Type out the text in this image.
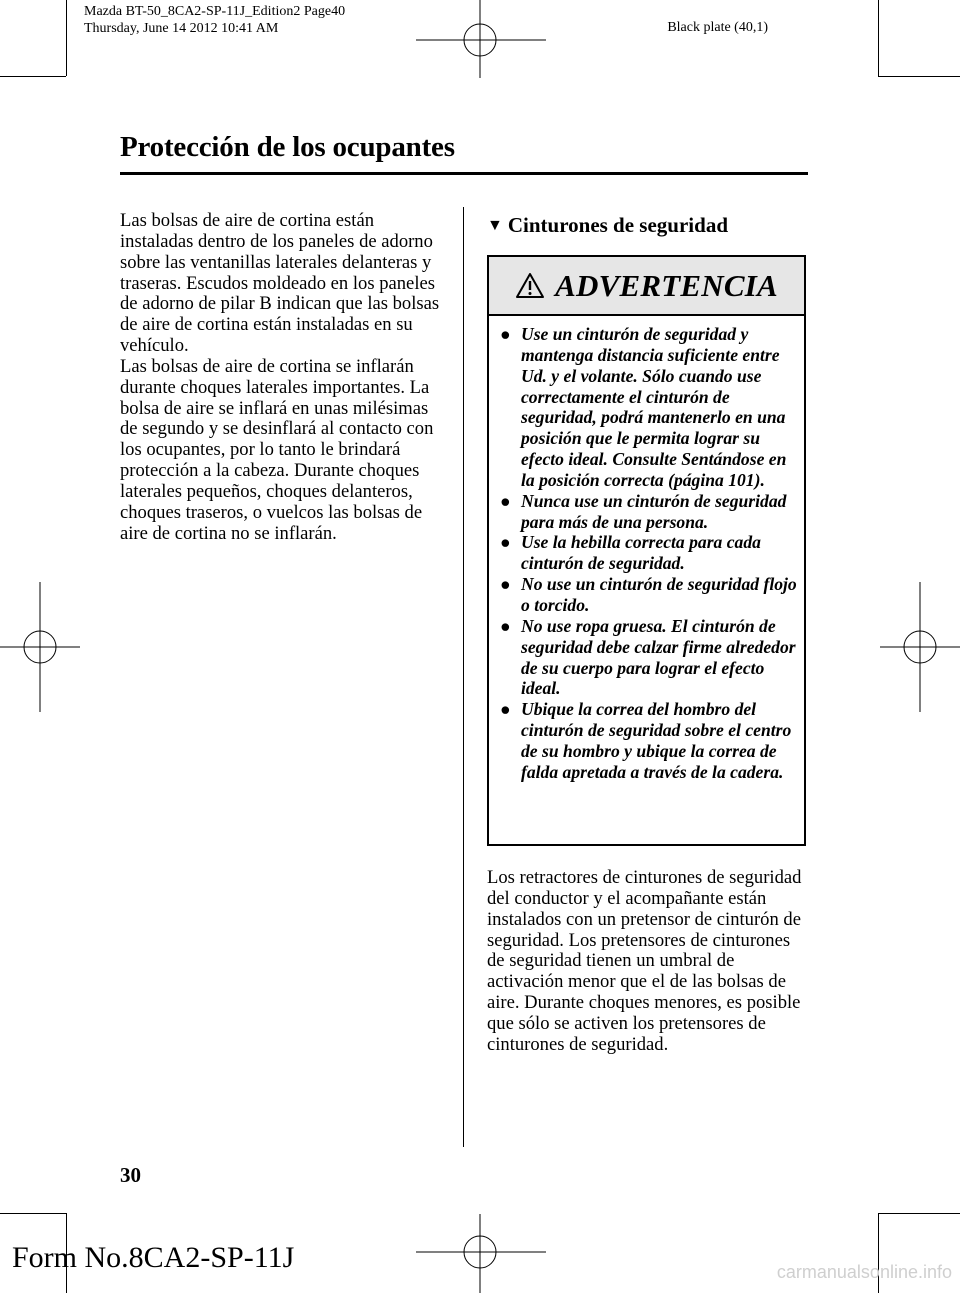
Mazda BT-50_8CA2-SP-11J_Edition2 Page40
Thursday, June 14 2012 10:41 AM	Black plate (40,1)
Protección de los ocupantes

Las bolsas de aire de cortina están instaladas dentro de los paneles de adorno sobre las ventanillas laterales delanteras y traseras. Escudos moldeado en los paneles de adorno de pilar B indican que las bolsas de aire de cortina están instaladas en su vehículo.

Las bolsas de aire de cortina se inflarán durante choques laterales importantes. La bolsa de aire se inflará en unas milésimas de segundo y se desinflará al contacto con los ocupantes, por lo tanto le brindará protección a la cabeza. Durante choques laterales pequeños, choques delanteros, choques traseros, o vuelcos las bolsas de aire de cortina no se inflarán.

▼ Cinturones de seguridad
ADVERTENCIA
● Use un cinturón de seguridad y mantenga distancia suficiente entre Ud. y el volante. Sólo cuando use correctamente el cinturón de seguridad, podrá mantenerlo en una posición que le permita lograr su efecto ideal. Consulte Sentándose en la posición correcta (página 101).
● Nunca use un cinturón de seguridad para más de una persona.
● Use la hebilla correcta para cada cinturón de seguridad.
● No use un cinturón de seguridad flojo o torcido.
● No use ropa gruesa. El cinturón de seguridad debe calzar firme alrededor de su cuerpo para lograr el efecto ideal.
● Ubique la correa del hombro del cinturón de seguridad sobre el centro de su hombro y ubique la correa de falda apretada a través de la cadera.
Los retractores de cinturones de seguridad del conductor y el acompañante están instalados con un pretensor de cinturón de seguridad. Los pretensores de cinturones de seguridad tienen un umbral de activación menor que el de las bolsas de aire. Durante choques menores, es posible que sólo se activen los pretensores de cinturones de seguridad.
30
Form No.8CA2-SP-11J	carmanualsonline.info
